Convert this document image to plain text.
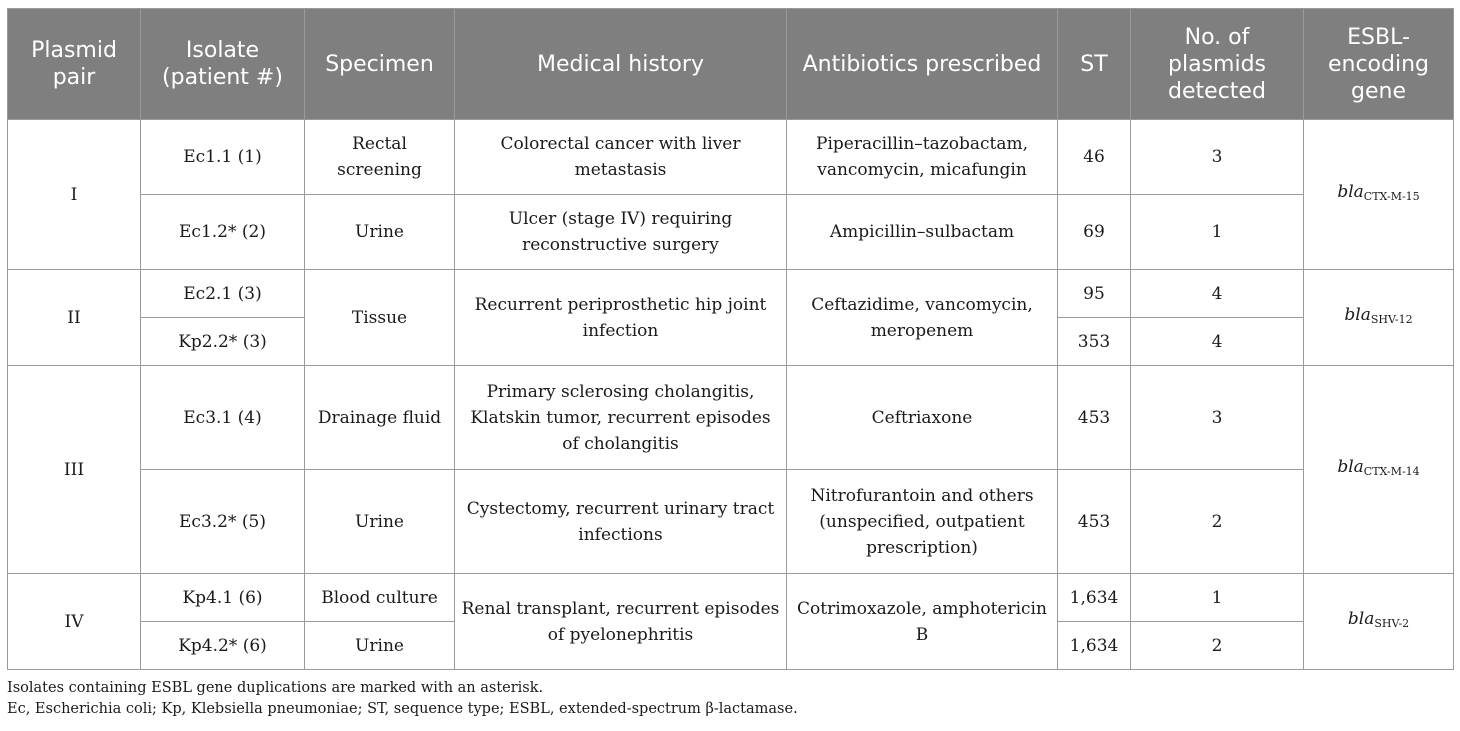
Plasmid pair	Isolate (patient #)	Specimen	Medical history	Antibiotics prescribed	ST	No. of plasmids detected	ESBL-encoding gene
I	Ec1.1 (1)	Rectal screening	Colorectal cancer with liver metastasis	Piperacillin–tazobactam, vancomycin, micafungin	46	3	bla$_{CTX-M-15}$
	Ec1.2* (2)	Urine	Ulcer (stage IV) requiring reconstructive surgery	Ampicillin–sulbactam	69	1	
II	Ec2.1 (3)	Tissue	Recurrent periprosthetic hip joint infection	Ceftazidime, vancomycin, meropenem	95	4	bla$_{SHV-12}$
	Kp2.2* (3)				353	4	
III	Ec3.1 (4)	Drainage fluid	Primary sclerosing cholangitis, Klatskin tumor, recurrent episodes of cholangitis	Ceftriaxone	453	3	bla$_{CTX-M-14}$
	Ec3.2* (5)	Urine	Cystectomy, recurrent urinary tract infections	Nitrofurantoin and others (unspecified, outpatient prescription)	453	2	
IV	Kp4.1 (6)	Blood culture	Renal transplant, recurrent episodes of pyelonephritis	Cotrimoxazole, amphotericin B	1,634	1	bla$_{SHV-2}$
	Kp4.2* (6)	Urine			1,634	2	
Isolates containing ESBL gene duplications are marked with an asterisk.
Ec, Escherichia coli; Kp, Klebsiella pneumoniae; ST, sequence type; ESBL, extended-spectrum β-lactamase.
